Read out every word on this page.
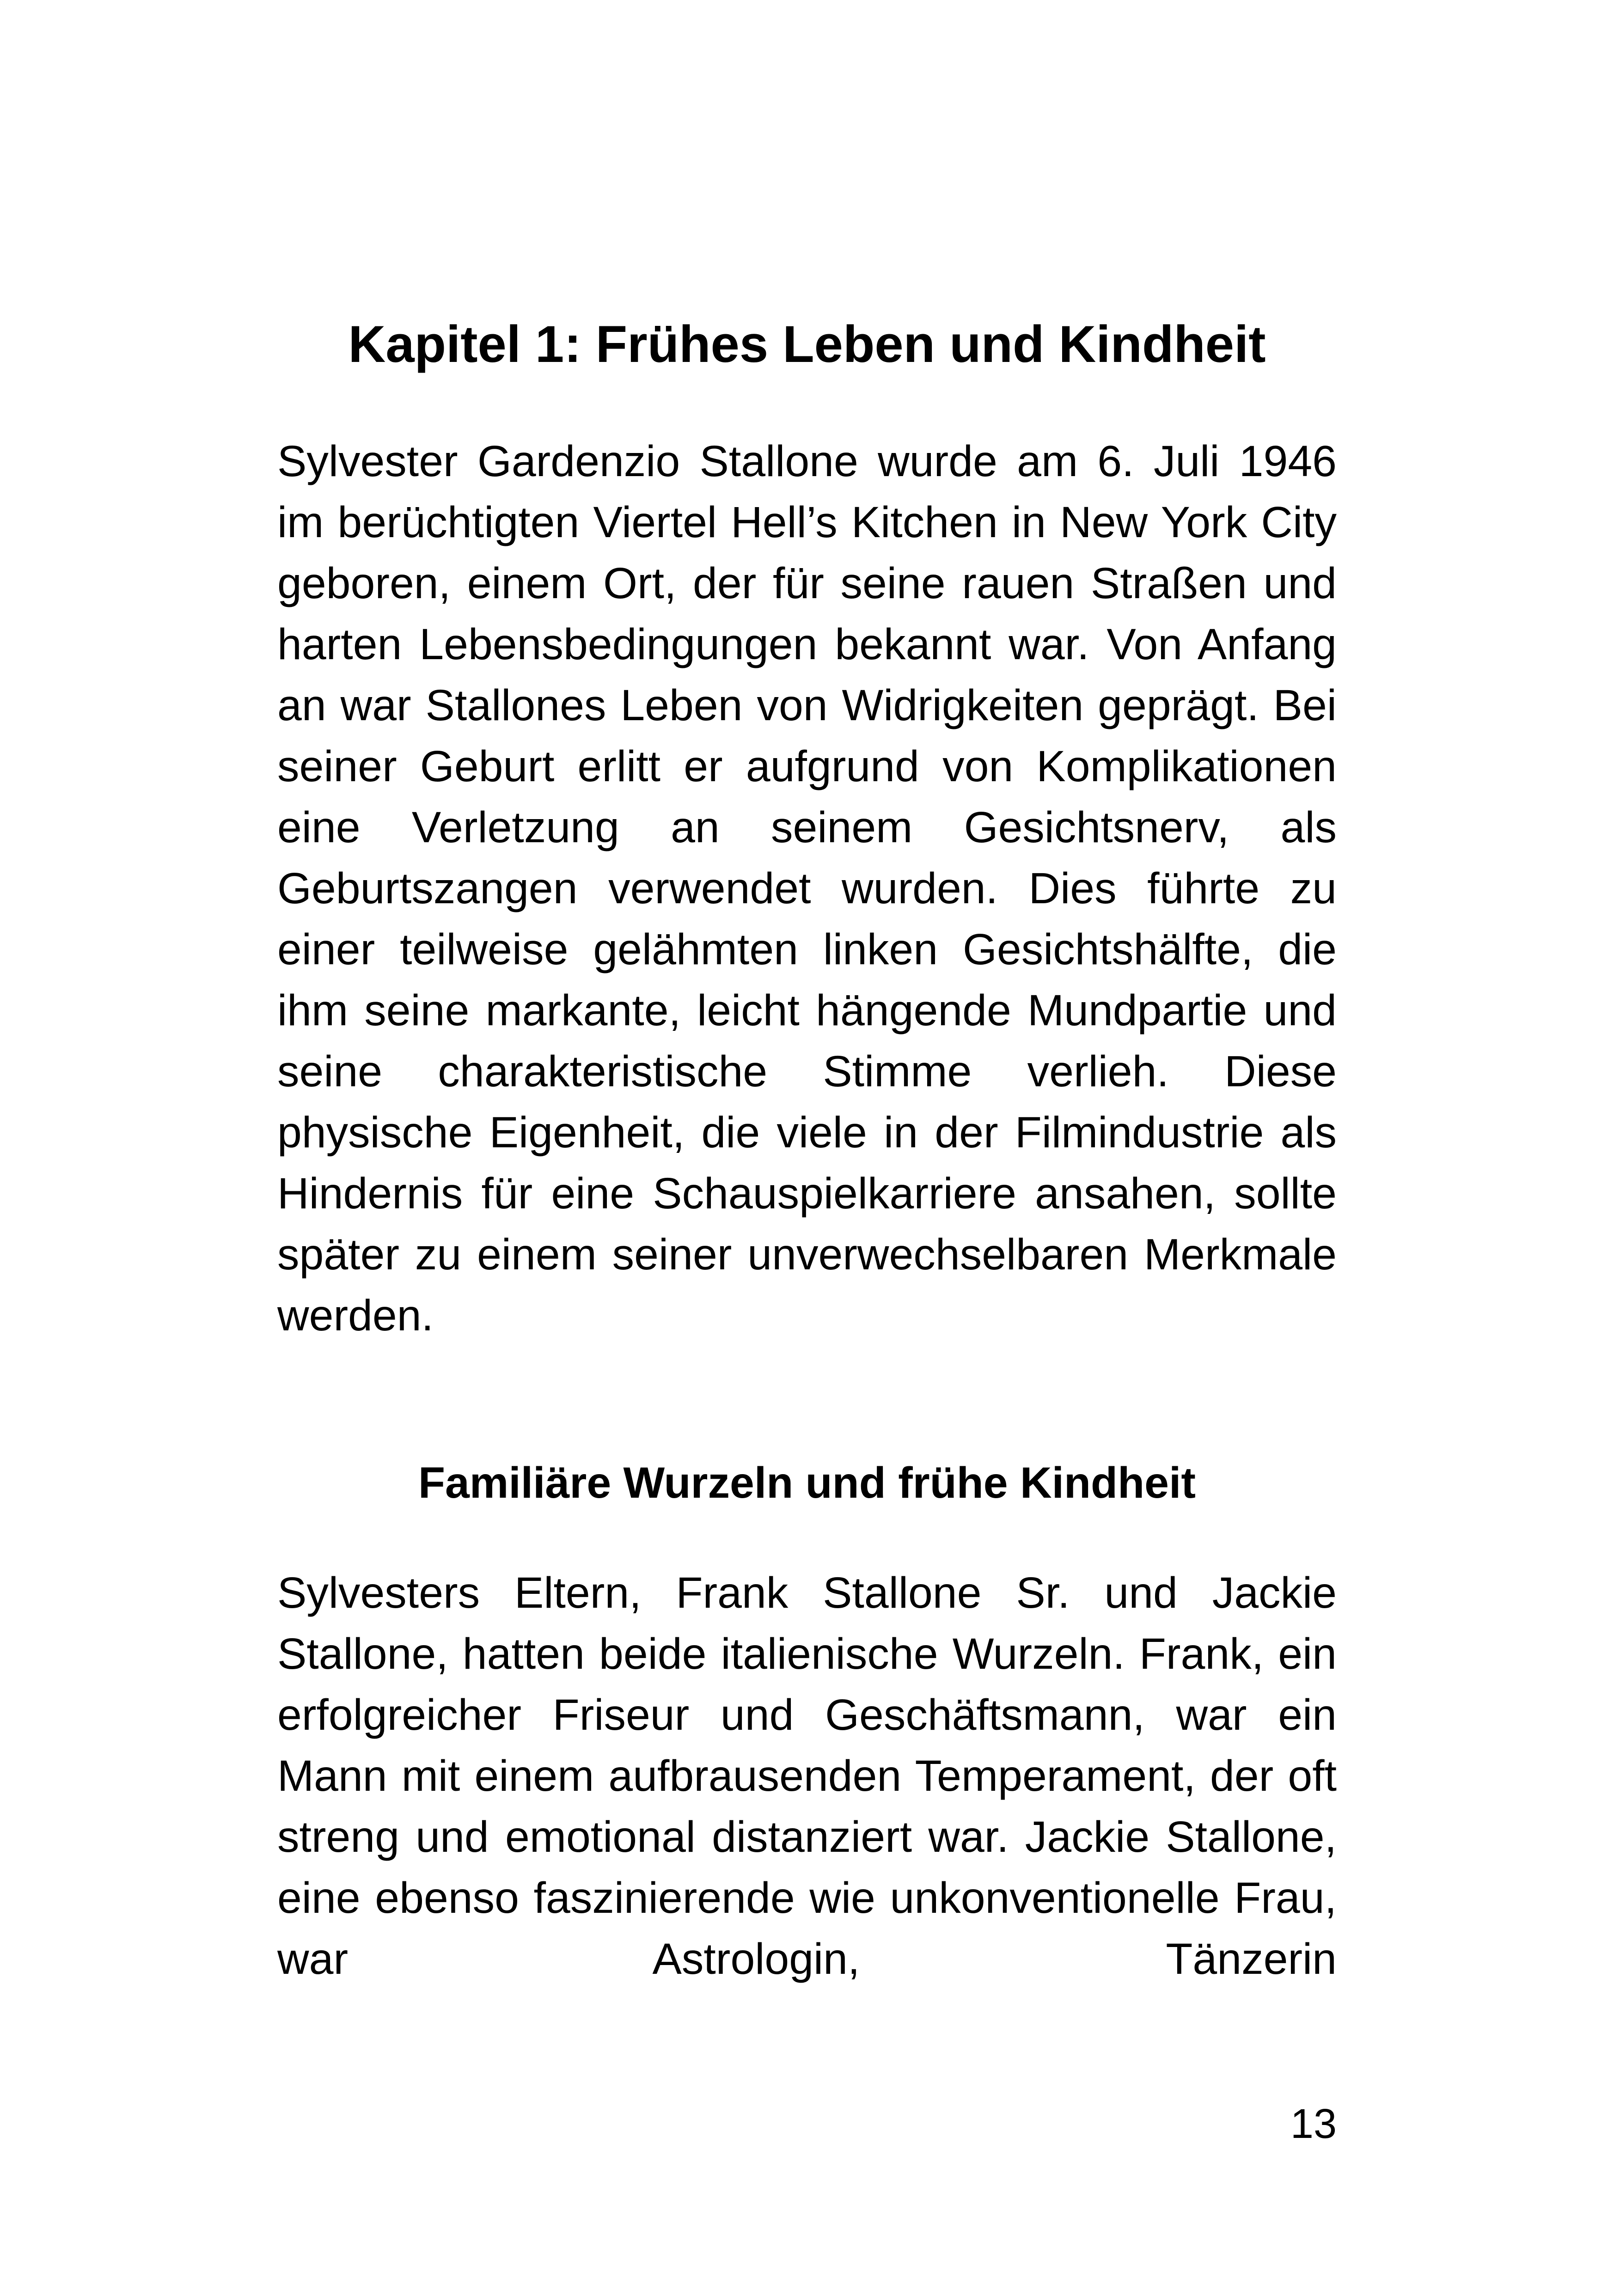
Kapitel 1: Frühes Leben und Kindheit

Sylvester Gardenzio Stallone wurde am 6. Juli 1946 im berüchtigten Viertel Hell’s Kitchen in New York City geboren, einem Ort, der für seine rauen Straßen und harten Lebensbedingungen bekannt war. Von Anfang an war Stallones Leben von Widrigkeiten geprägt. Bei seiner Geburt erlitt er aufgrund von Komplikationen eine Verletzung an seinem Gesichtsnerv, als Geburtszangen verwendet wurden. Dies führte zu einer teilweise gelähmten linken Gesichtshälfte, die ihm seine markante, leicht hängende Mundpartie und seine charakteristische Stimme verlieh. Diese physische Eigenheit, die viele in der Filmindustrie als Hindernis für eine Schauspielkarriere ansahen, sollte später zu einem seiner unverwechselbaren Merkmale werden.

Familiäre Wurzeln und frühe Kindheit

Sylvesters Eltern, Frank Stallone Sr. und Jackie Stallone, hatten beide italienische Wurzeln. Frank, ein erfolgreicher Friseur und Geschäftsmann, war ein Mann mit einem aufbrausenden Temperament, der oft streng und emotional distanziert war. Jackie Stallone, eine ebenso faszinierende wie unkonventionelle Frau, war Astrologin, Tänzerin

13
